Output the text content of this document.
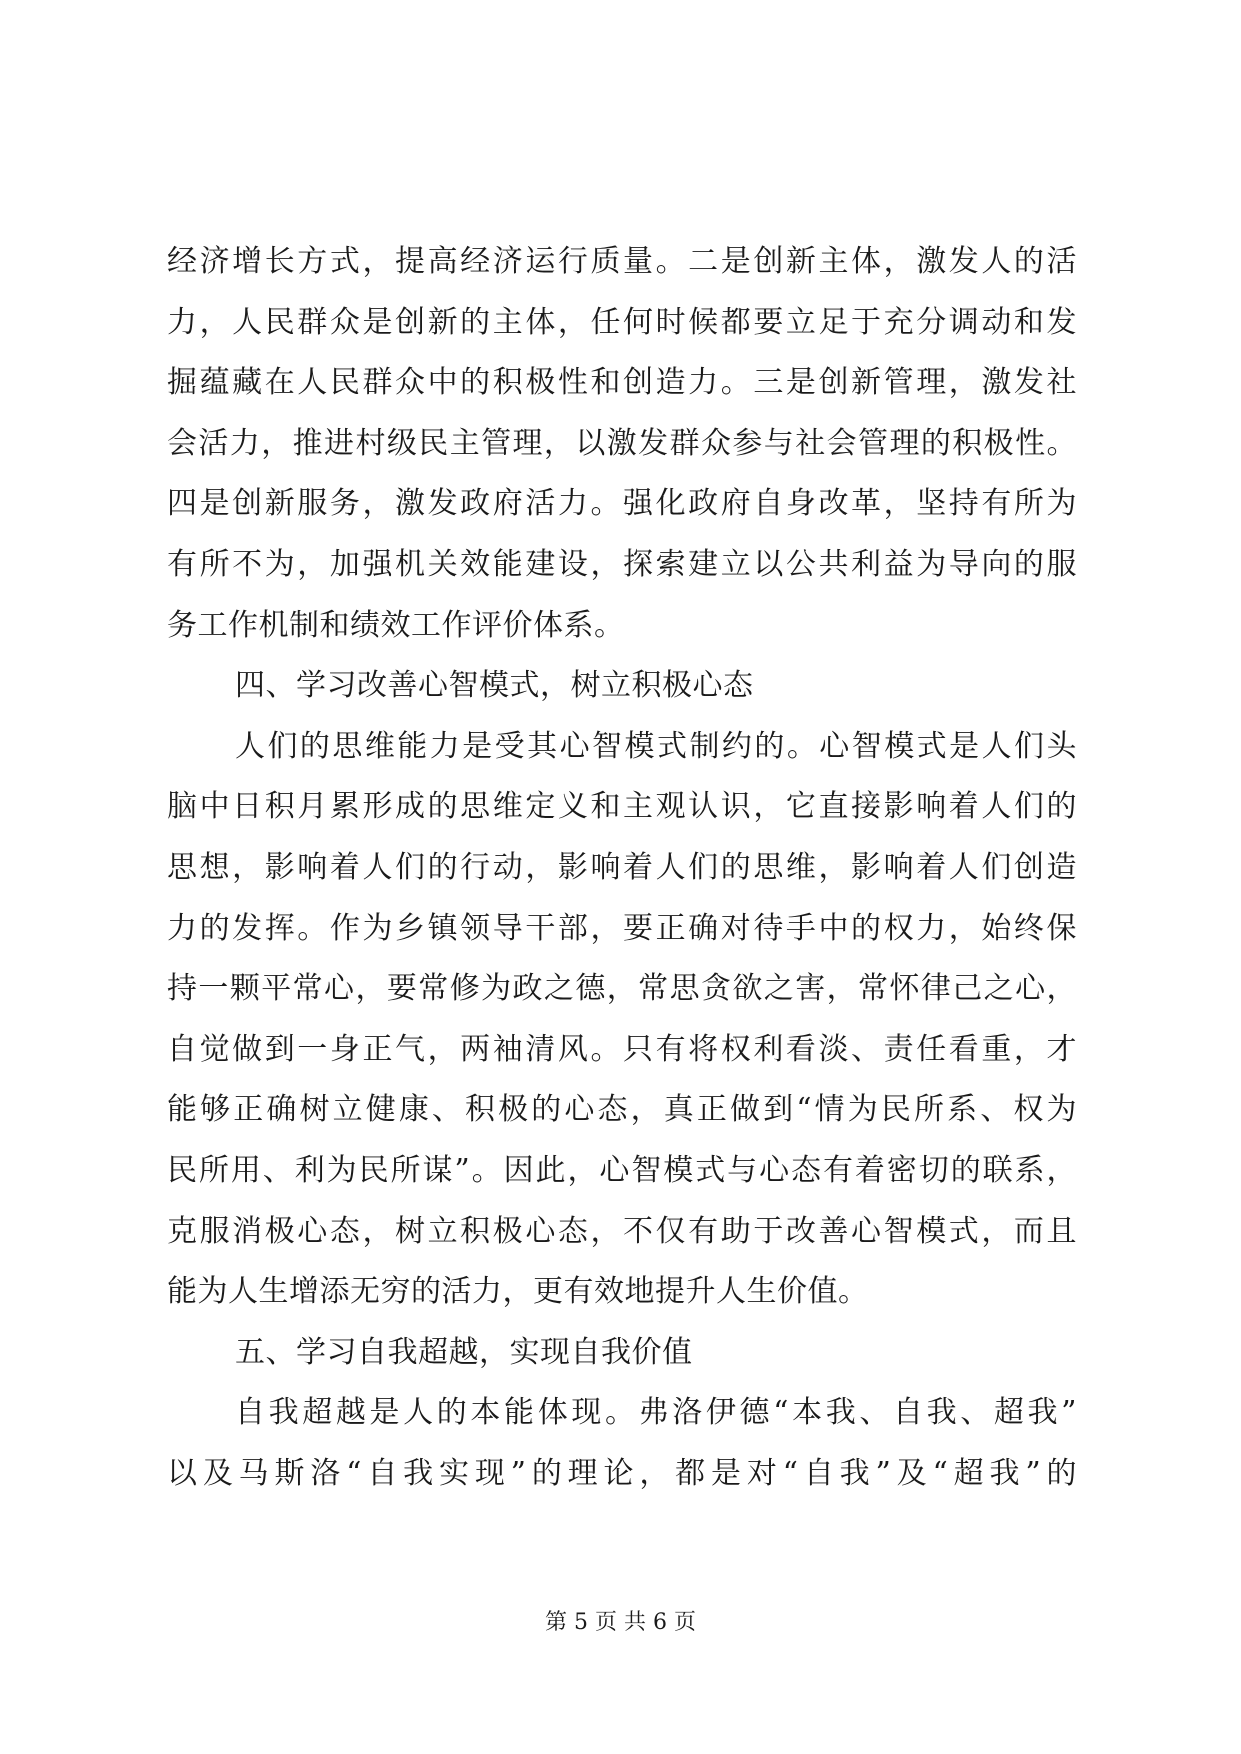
经济增长方式，提高经济运行质量。二是创新主体，激发人的活
力，人民群众是创新的主体，任何时候都要立足于充分调动和发
掘蕴藏在人民群众中的积极性和创造力。三是创新管理，激发社
会活力，推进村级民主管理，以激发群众参与社会管理的积极性。
四是创新服务，激发政府活力。强化政府自身改革，坚持有所为
有所不为，加强机关效能建设，探索建立以公共利益为导向的服
务工作机制和绩效工作评价体系。
四、学习改善心智模式，树立积极心态
人们的思维能力是受其心智模式制约的。心智模式是人们头
脑中日积月累形成的思维定义和主观认识，它直接影响着人们的
思想，影响着人们的行动，影响着人们的思维，影响着人们创造
力的发挥。作为乡镇领导干部，要正确对待手中的权力，始终保
持一颗平常心，要常修为政之德，常思贪欲之害，常怀律己之心，
自觉做到一身正气，两袖清风。只有将权利看淡、责任看重，才
能够正确树立健康、积极的心态，真正做到“情为民所系、权为
民所用、利为民所谋”。因此，心智模式与心态有着密切的联系，
克服消极心态，树立积极心态，不仅有助于改善心智模式，而且
能为人生增添无穷的活力，更有效地提升人生价值。
五、学习自我超越，实现自我价值
自我超越是人的本能体现。弗洛伊德“本我、自我、超我”
以及马斯洛“自我实现”的理论，都是对“自我”及“超我”的
第 5 页 共 6 页
